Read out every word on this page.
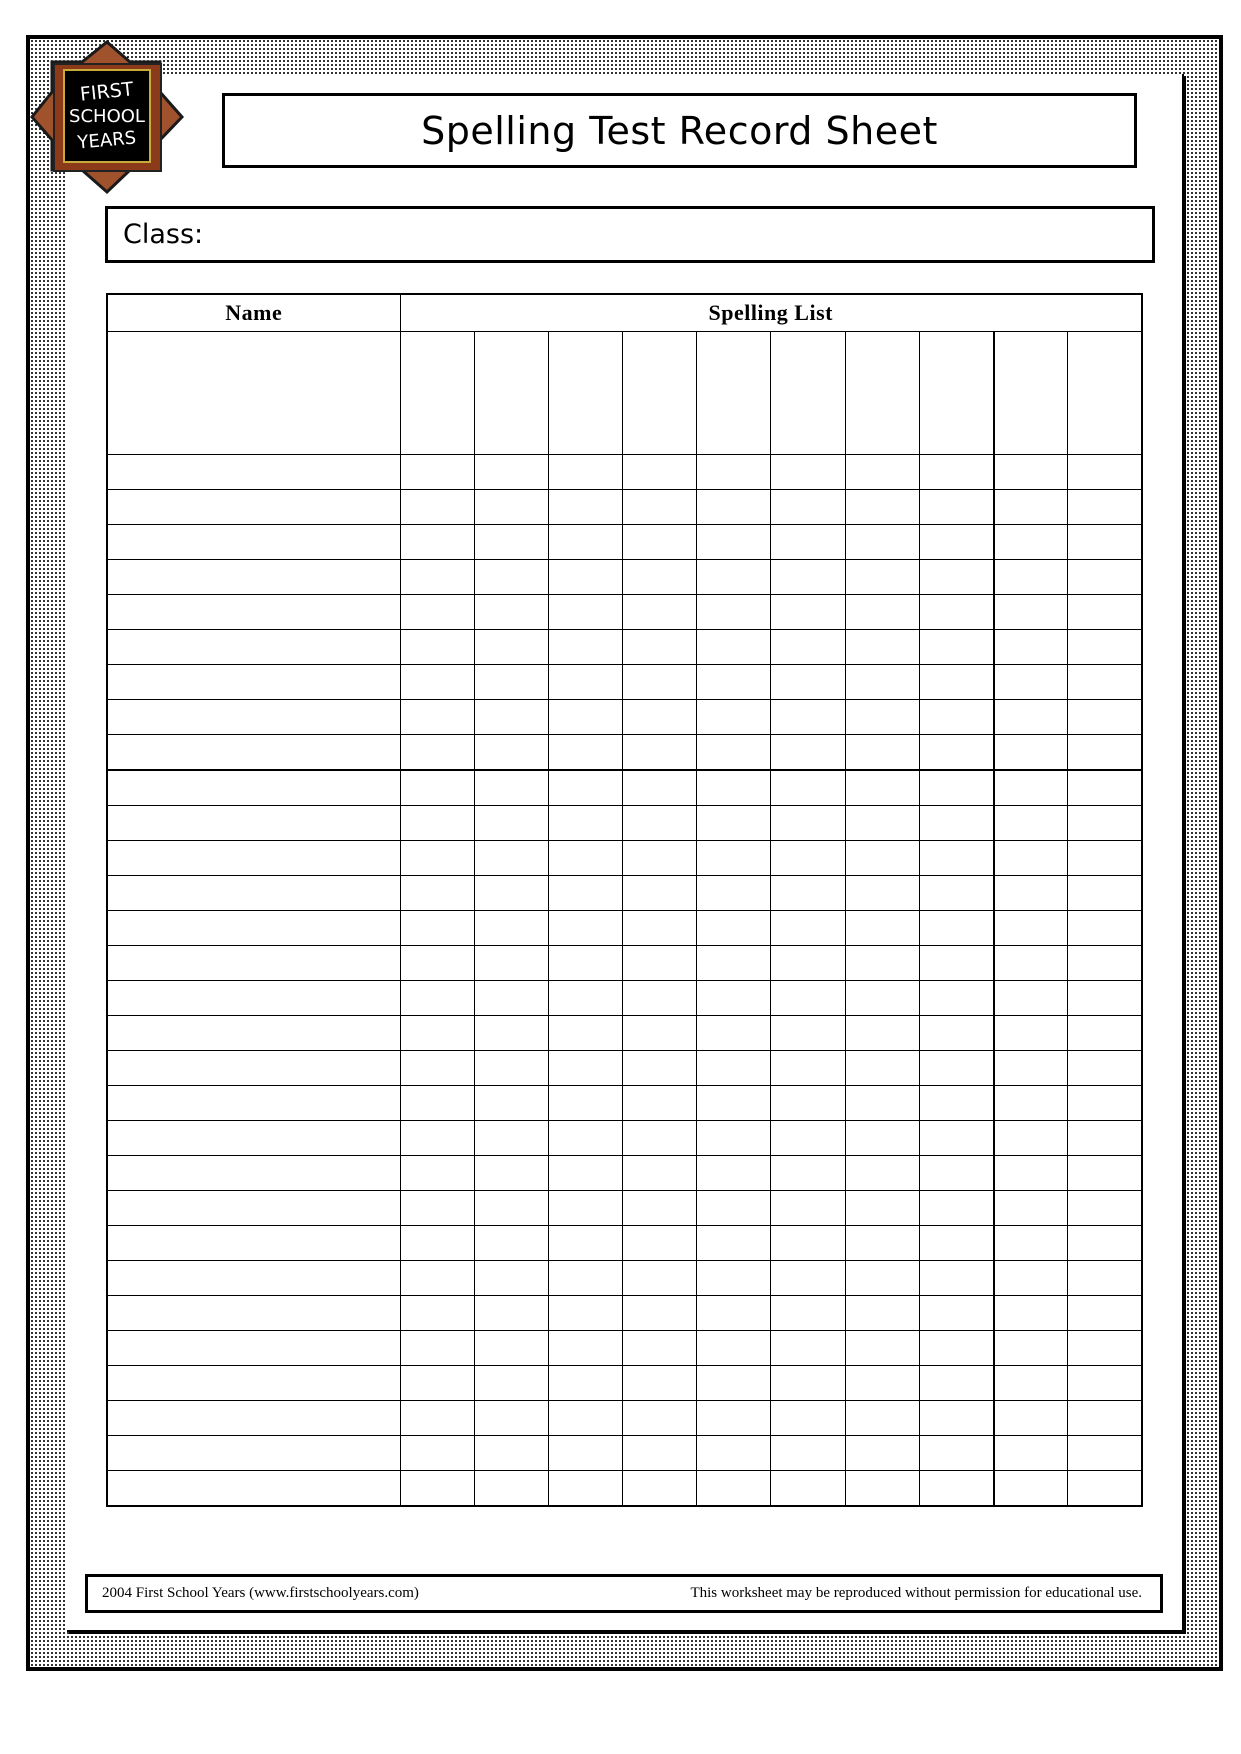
FIRST
SCHOOL
YEARS	Spelling Test Record Sheet
Class:
Name	Spelling List									

2004 First School Years (www.firstschoolyears.com)	This worksheet may be reproduced without permission for educational use.
